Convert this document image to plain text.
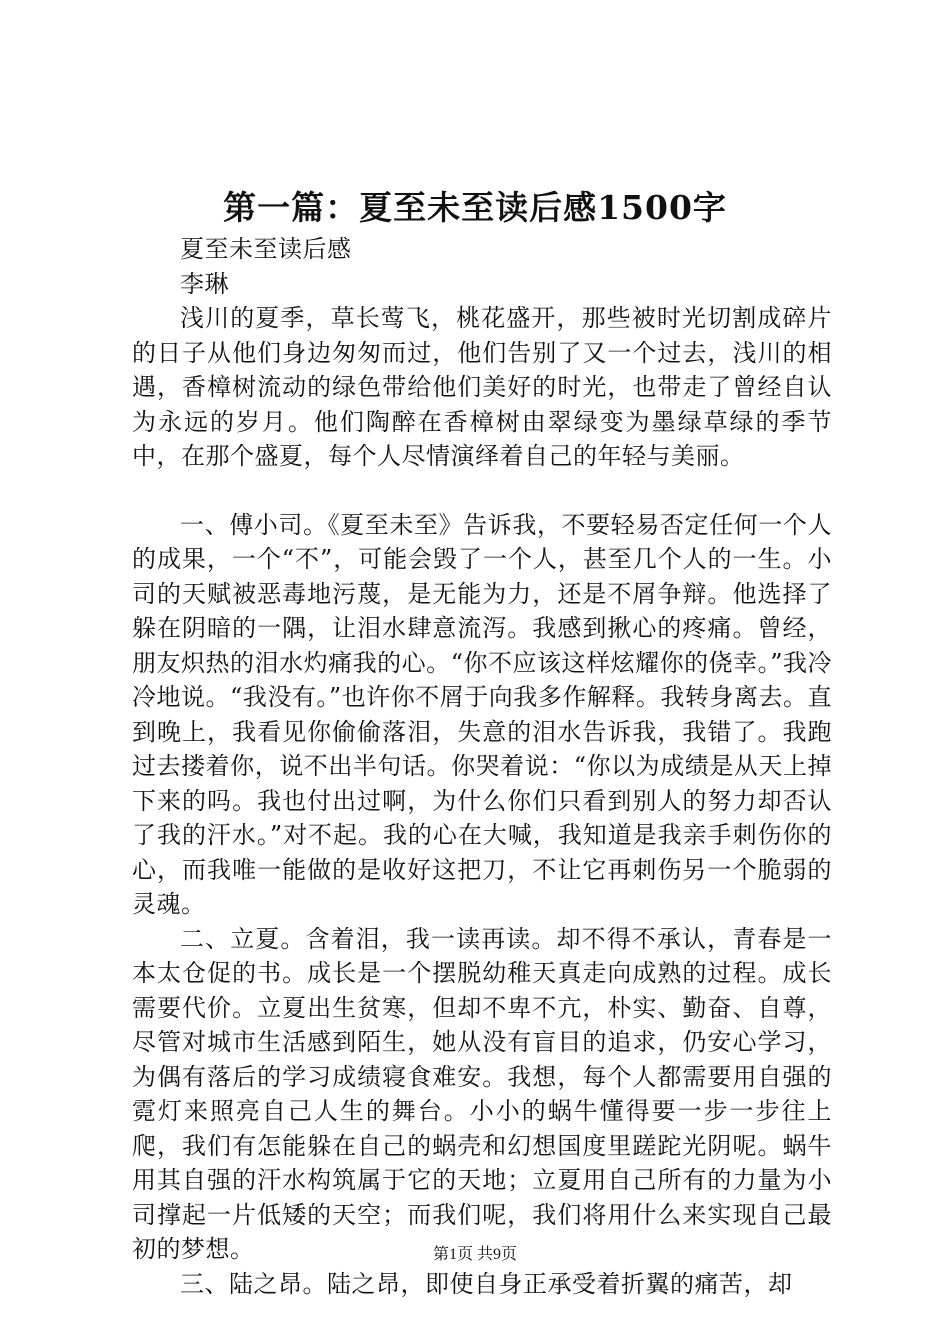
第一篇：夏至未至读后感1500字

夏至未至读后感

李琳

浅川的夏季，草长莺飞，桃花盛开，那些被时光切割成碎片的日子从他们身边匆匆而过，他们告别了又一个过去，浅川的相遇，香樟树流动的绿色带给他们美好的时光，也带走了曾经自认为永远的岁月。他们陶醉在香樟树由翠绿变为墨绿草绿的季节中，在那个盛夏，每个人尽情演绎着自己的年轻与美丽。

一、傅小司。《夏至未至》告诉我，不要轻易否定任何一个人的成果，一个“不”，可能会毁了一个人，甚至几个人的一生。小司的天赋被恶毒地污蔑，是无能为力，还是不屑争辩。他选择了躲在阴暗的一隅，让泪水肆意流泻。我感到揪心的疼痛。曾经，朋友炽热的泪水灼痛我的心。“你不应该这样炫耀你的侥幸。”我冷冷地说。“我没有。”也许你不屑于向我多作解释。我转身离去。直到晚上，我看见你偷偷落泪，失意的泪水告诉我，我错了。我跑过去搂着你，说不出半句话。你哭着说：“你以为成绩是从天上掉下来的吗。我也付出过啊，为什么你们只看到别人的努力却否认了我的汗水。”对不起。我的心在大喊，我知道是我亲手刺伤你的心，而我唯一能做的是收好这把刀，不让它再刺伤另一个脆弱的灵魂。

二、立夏。含着泪，我一读再读。却不得不承认，青春是一本太仓促的书。成长是一个摆脱幼稚天真走向成熟的过程。成长需要代价。立夏出生贫寒，但却不卑不亢，朴实、勤奋、自尊，尽管对城市生活感到陌生，她从没有盲目的追求，仍安心学习，为偶有落后的学习成绩寝食难安。我想，每个人都需要用自强的霓灯来照亮自己人生的舞台。小小的蜗牛懂得要一步一步往上爬，我们有怎能躲在自己的蜗壳和幻想国度里蹉跎光阴呢。蜗牛用其自强的汗水构筑属于它的天地；立夏用自己所有的力量为小司撑起一片低矮的天空；而我们呢，我们将用什么来实现自己最初的梦想。

三、陆之昂。陆之昂，即使自身正承受着折翼的痛苦，却

第1页 共9页
